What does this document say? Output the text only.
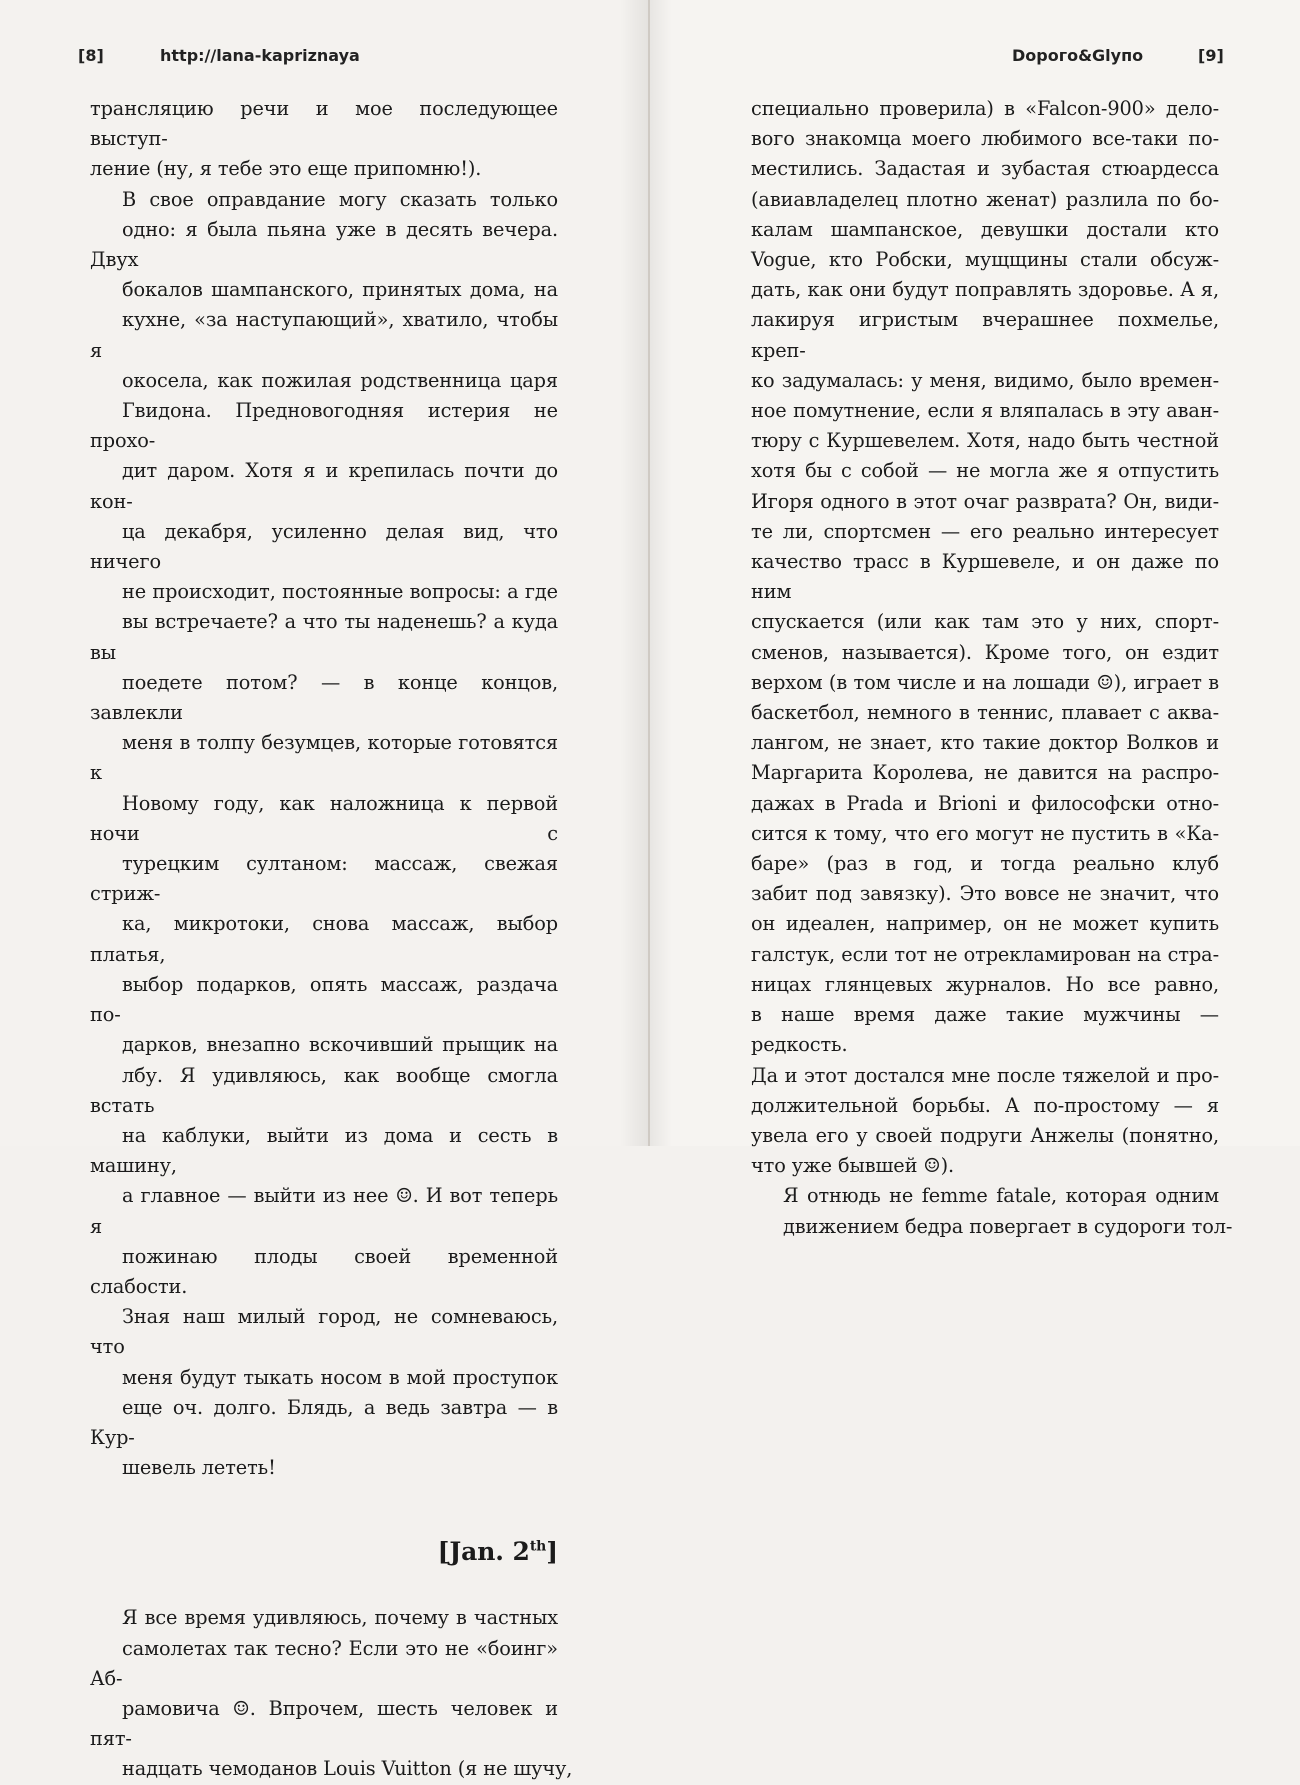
[8]	http://lana-kapriznaya

трансляцию речи и мое последующее выступ-
ление (ну, я тебе это еще припомню!).

В свое оправдание могу сказать только
одно: я была пьяна уже в десять вечера. Двух
бокалов шампанского, принятых дома, на
кухне, «за наступающий», хватило, чтобы я
окосела, как пожилая родственница царя
Гвидона. Предновогодняя истерия не прохо-
дит даром. Хотя я и крепилась почти до кон-
ца декабря, усиленно делая вид, что ничего
не происходит, постоянные вопросы: а где
вы встречаете? а что ты наденешь? а куда вы
поедете потом? — в конце концов, завлекли
меня в толпу безумцев, которые готовятся к
Новому году, как наложница к первой ночи с
турецким султаном: массаж, свежая стриж-
ка, микротоки, снова массаж, выбор платья,
выбор подарков, опять массаж, раздача по-
дарков, внезапно вскочивший прыщик на
лбу. Я удивляюсь, как вообще смогла встать
на каблуки, выйти из дома и сесть в машину,
а главное — выйти из нее ☺. И вот теперь я
пожинаю плоды своей временной слабости.
Зная наш милый город, не сомневаюсь, что
меня будут тыкать носом в мой проступок
еще оч. долго. Блядь, а ведь завтра — в Кур-
шевель лететь!

[Jan. 2th]

Я все время удивляюсь, почему в частных
самолетах так тесно? Если это не «боинг» Аб-
рамовича ☺. Впрочем, шесть человек и пят-
надцать чемоданов Louis Vuitton (я не шучу,

Dорого&Glупо	[9]

специально проверила) в «Falcon-900» дело-
вого знакомца моего любимого все-таки по-
местились. Задастая и зубастая стюардесса
(авиавладелец плотно женат) разлила по бо-
калам шампанское, девушки достали кто
Vogue, кто Робски, мущщины стали обсуж-
дать, как они будут поправлять здоровье. А я,
лакируя игристым вчерашнее похмелье, креп-
ко задумалась: у меня, видимо, было времен-
ное помутнение, если я вляпалась в эту аван-
тюру с Куршевелем. Хотя, надо быть честной
хотя бы с собой — не могла же я отпустить
Игоря одного в этот очаг разврата? Он, види-
те ли, спортсмен — его реально интересует
качество трасс в Куршевеле, и он даже по ним
спускается (или как там это у них, спорт-
сменов, называется). Кроме того, он ездит
верхом (в том числе и на лошади ☺), играет в
баскетбол, немного в теннис, плавает с аква-
лангом, не знает, кто такие доктор Волков и
Маргарита Королева, не давится на распро-
дажах в Prada и Brioni и философски отно-
сится к тому, что его могут не пустить в «Ка-
баре» (раз в год, и тогда реально клуб
забит под завязку). Это вовсе не значит, что
он идеален, например, он не может купить
галстук, если тот не отрекламирован на стра-
ницах глянцевых журналов. Но все равно,
в наше время даже такие мужчины — редкость.
Да и этот достался мне после тяжелой и про-
должительной борьбы. А по-простому — я
увела его у своей подруги Анжелы (понятно,
что уже бывшей ☺).

Я отнюдь не femme fatale, которая одним
движением бедра повергает в судороги тол-
